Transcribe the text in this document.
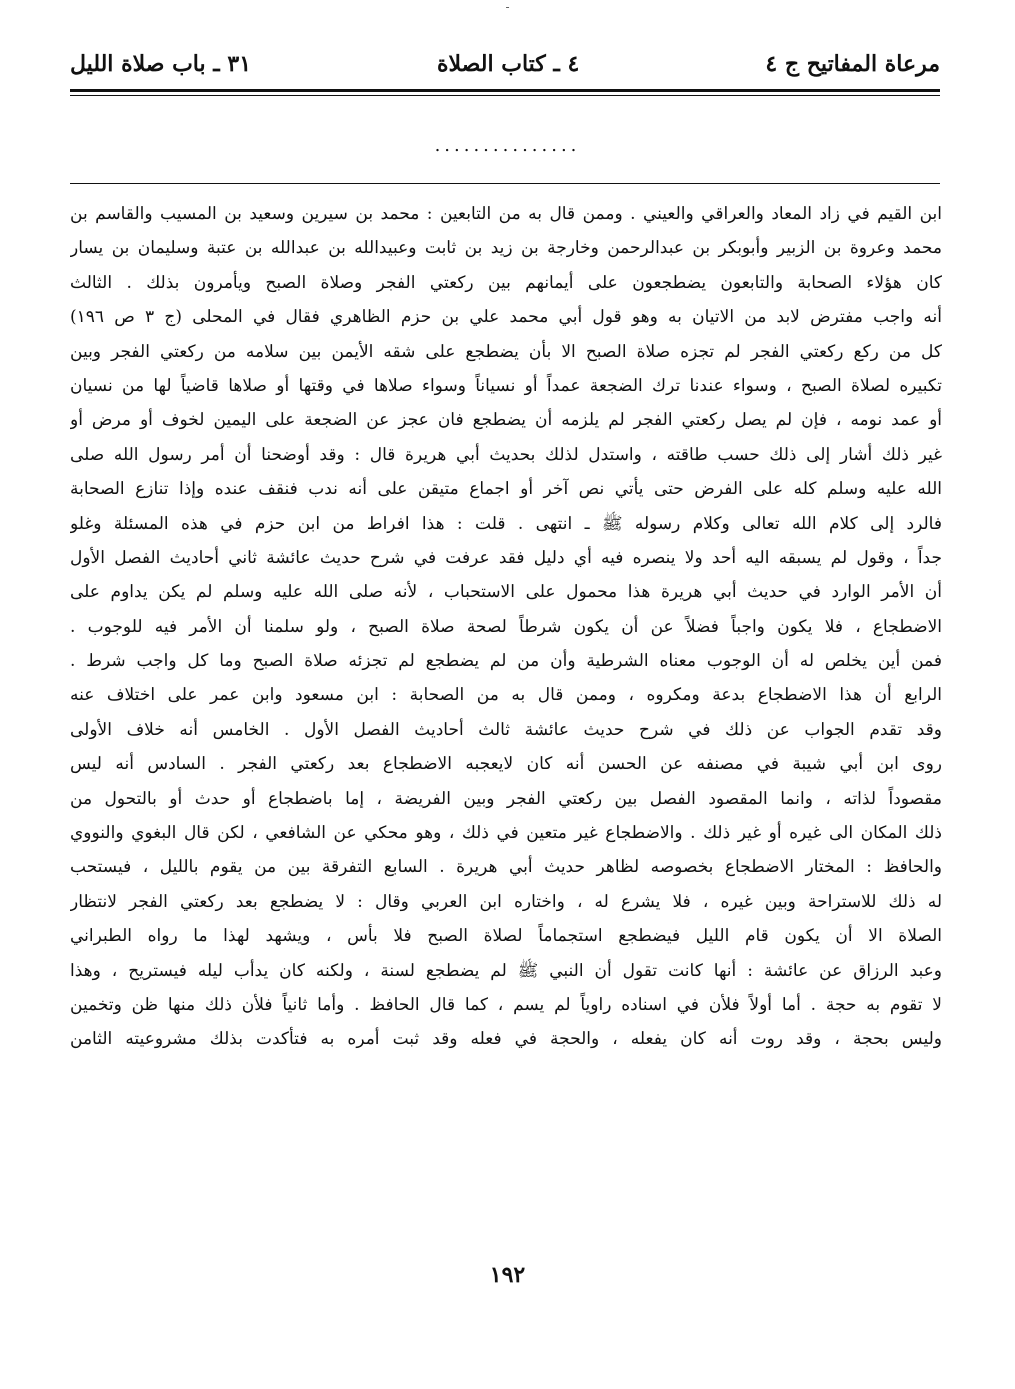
-
مرعاة المفاتيح ج ٤
٤ ـ كتاب الصلاة
٣١ ـ باب صلاة الليل
...............
ابن القيم في زاد المعاد والعراقي والعيني . وممن قال به من التابعين : محمد بن سيرين وسعيد بن المسيب والقاسم بن
محمد وعروة بن الزبير وأبوبكر بن عبدالرحمن وخارجة بن زيد بن ثابت وعبيدالله بن عبدالله بن عتبة وسليمان بن يسار
كان هؤلاء الصحابة والتابعون يضطجعون على أيمانهم بين ركعتي الفجر وصلاة الصبح ويأمرون بذلك . الثالث
أنه واجب مفترض لابد من الاتيان به وهو قول أبي محمد علي بن حزم الظاهري فقال في المحلى (ج ٣ ص ١٩٦)
كل من ركع ركعتي الفجر لم تجزه صلاة الصبح الا بأن يضطجع على شقه الأيمن بين سلامه من ركعتي الفجر وبين
تكبيره لصلاة الصبح ، وسواء عندنا ترك الضجعة عمداً أو نسياناً وسواء صلاها في وقتها أو صلاها قاضياً لها من نسيان
أو عمد نومه ، فإن لم يصل ركعتي الفجر لم يلزمه أن يضطجع فان عجز عن الضجعة على اليمين لخوف أو مرض أو
غير ذلك أشار إلى ذلك حسب طاقته ، واستدل لذلك بحديث أبي هريرة قال : وقد أوضحنا أن أمر رسول الله صلى
الله عليه وسلم كله على الفرض حتى يأتي نص آخر أو اجماع متيقن على أنه ندب فنقف عنده وإذا تنازع الصحابة
فالرد إلى كلام الله تعالى وكلام رسوله ﷺ ـ انتهى . قلت : هذا افراط من ابن حزم في هذه المسئلة وغلو
جداً ، وقول لم يسبقه اليه أحد ولا ينصره فيه أي دليل فقد عرفت في شرح حديث عائشة ثاني أحاديث الفصل الأول
أن الأمر الوارد في حديث أبي هريرة هذا محمول على الاستحباب ، لأنه صلى الله عليه وسلم لم يكن يداوم على
الاضطجاع ، فلا يكون واجباً فضلاً عن أن يكون شرطاً لصحة صلاة الصبح ، ولو سلمنا أن الأمر فيه للوجوب .
فمن أين يخلص له أن الوجوب معناه الشرطية وأن من لم يضطجع لم تجزئه صلاة الصبح وما كل واجب شرط .
الرابع أن هذا الاضطجاع بدعة ومكروه ، وممن قال به من الصحابة : ابن مسعود وابن عمر على اختلاف عنه
وقد تقدم الجواب عن ذلك في شرح حديث عائشة ثالث أحاديث الفصل الأول . الخامس أنه خلاف الأولى
روى ابن أبي شيبة في مصنفه عن الحسن أنه كان لايعجبه الاضطجاع بعد ركعتي الفجر . السادس أنه ليس
مقصوداً لذاته ، وانما المقصود الفصل بين ركعتي الفجر وبين الفريضة ، إما باضطجاع أو حدث أو بالتحول من
ذلك المكان الى غيره أو غير ذلك . والاضطجاع غير متعين في ذلك ، وهو محكي عن الشافعي ، لكن قال البغوي والنووي
والحافظ : المختار الاضطجاع بخصوصه لظاهر حديث أبي هريرة . السابع التفرقة بين من يقوم بالليل ، فيستحب
له ذلك للاستراحة وبين غيره ، فلا يشرع له ، واختاره ابن العربي وقال : لا يضطجع بعد ركعتي الفجر لانتظار
الصلاة الا أن يكون قام الليل فيضطجع استجماماً لصلاة الصبح فلا بأس ، ويشهد لهذا ما رواه الطبراني
وعبد الرزاق عن عائشة : أنها كانت تقول أن النبي ﷺ لم يضطجع لسنة ، ولكنه كان يدأب ليله فيستريح ، وهذا
لا تقوم به حجة . أما أولاً فلأن في اسناده راوياً لم يسم ، كما قال الحافظ . وأما ثانياً فلأن ذلك منها ظن وتخمين
وليس بحجة ، وقد روت أنه كان يفعله ، والحجة في فعله وقد ثبت أمره به فتأكدت بذلك مشروعيته الثامن
١٩٢
